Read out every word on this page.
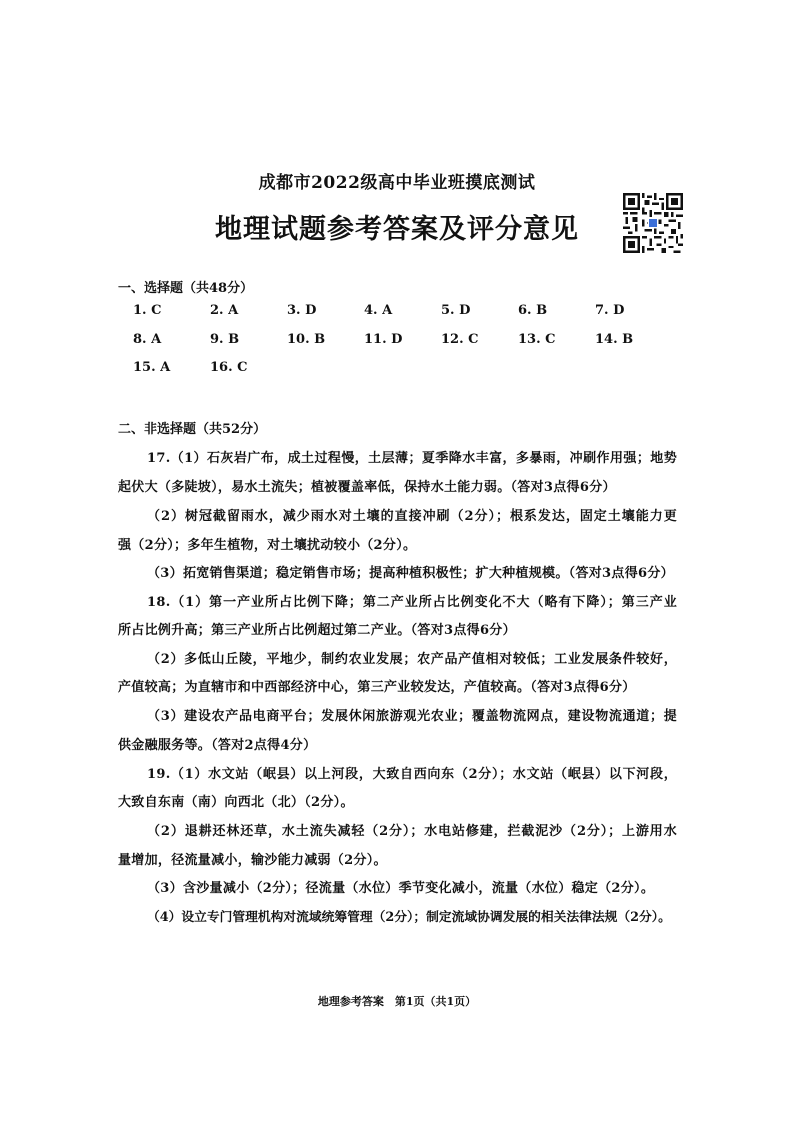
成都市2022级高中毕业班摸底测试
地理试题参考答案及评分意见
一、选择题（共48分）
1. C	2. A	3. D	4. A	5. D	6. B	7. D
8. A	9. B	10. B	11. D	12. C	13. C	14. B
15. A	16. C
二、非选择题（共52分）
17.（1）石灰岩广布，成土过程慢，土层薄；夏季降水丰富，多暴雨，冲刷作用强；地势
起伏大（多陡坡），易水土流失；植被覆盖率低，保持水土能力弱。（答对3点得6分）
（2）树冠截留雨水，减少雨水对土壤的直接冲刷（2分）；根系发达，固定土壤能力更
强（2分）；多年生植物，对土壤扰动较小（2分）。
（3）拓宽销售渠道；稳定销售市场；提高种植积极性；扩大种植规模。（答对3点得6分）
18.（1）第一产业所占比例下降；第二产业所占比例变化不大（略有下降）；第三产业
所占比例升高；第三产业所占比例超过第二产业。（答对3点得6分）
（2）多低山丘陵，平地少，制约农业发展；农产品产值相对较低；工业发展条件较好，
产值较高；为直辖市和中西部经济中心，第三产业较发达，产值较高。（答对3点得6分）
（3）建设农产品电商平台；发展休闲旅游观光农业；覆盖物流网点，建设物流通道；提
供金融服务等。（答对2点得4分）
19.（1）水文站（岷县）以上河段，大致自西向东（2分）；水文站（岷县）以下河段，
大致自东南（南）向西北（北）（2分）。
（2）退耕还林还草，水土流失减轻（2分）；水电站修建，拦截泥沙（2分）；上游用水
量增加，径流量减小，输沙能力减弱（2分）。
（3）含沙量减小（2分）；径流量（水位）季节变化减小，流量（水位）稳定（2分）。
（4）设立专门管理机构对流域统筹管理（2分）；制定流域协调发展的相关法律法规（2分）。
地理参考答案　第1页（共1页）
